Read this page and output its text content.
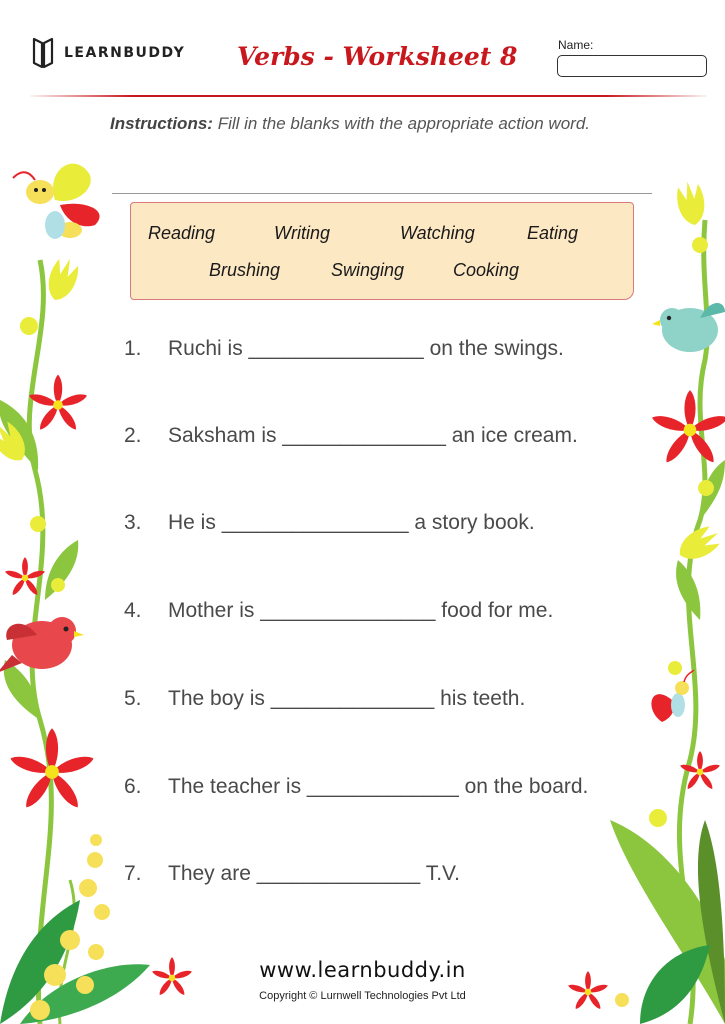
LEARNBUDDY Verbs - Worksheet 8	Name:
Instructions: Fill in the blanks with the appropriate action word.
Reading	Writing	Watching	Eating
Brushing	Swinging	Cooking
1. Ruchi is _______________ on the swings.
2. Saksham is ______________ an ice cream.
3. He is ________________ a story book.
4. Mother is _______________ food for me.
5. The boy is ______________ his teeth.
6. The teacher is _____________ on the board.
7. They are ______________ T.V.
www.learnbuddy.in
Copyright © Lurnwell Technologies Pvt Ltd
